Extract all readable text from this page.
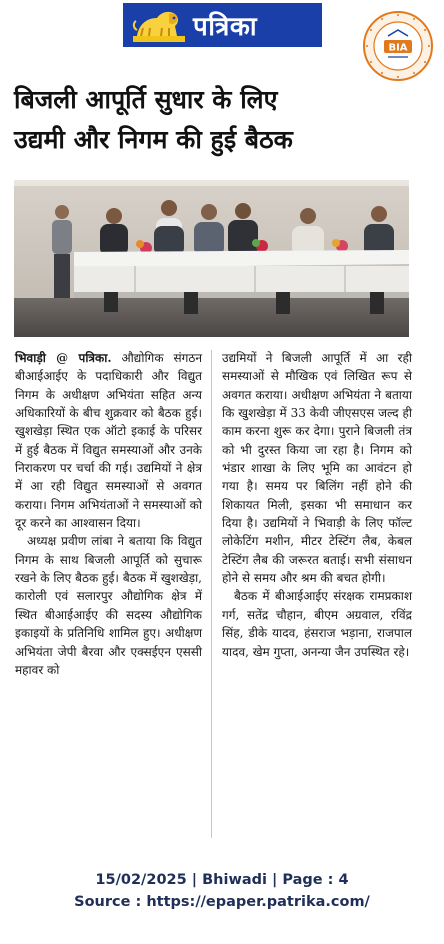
पत्रिका
BIA
बिजली आपूर्ति सुधार के लिए
उद्यमी और निगम की हुई बैठक

भिवाड़ी @ पत्रिका. औद्योगिक संगठन बीआईआईए के पदाधिकारी और विद्युत निगम के अधीक्षण अभियंता सहित अन्य अधिकारियों के बीच शुक्रवार को बैठक हुई। खुशखेड़ा स्थित एक ऑटो इकाई के परिसर में हुई बैठक में विद्युत समस्याओं और उनके निराकरण पर चर्चा की गई। उद्यमियों ने क्षेत्र में आ रही विद्युत समस्याओं से अवगत कराया। निगम अभियंताओं ने समस्याओं को दूर करने का आश्वासन दिया।

अध्यक्ष प्रवीण लांबा ने बताया कि विद्युत निगम के साथ बिजली आपूर्ति को सुचारू रखने के लिए बैठक हुई। बैठक में खुशखेड़ा, कारोली एवं सलारपुर औद्योगिक क्षेत्र में स्थित बीआईआईए की सदस्य औद्योगिक इकाइयों के प्रतिनिधि शामिल हुए। अधीक्षण अभियंता जेपी बैरवा और एक्सईएन एससी महावर को

उद्यमियों ने बिजली आपूर्ति में आ रही समस्याओं से मौखिक एवं लिखित रूप से अवगत कराया। अधीक्षण अभियंता ने बताया कि खुशखेड़ा में 33 केवी जीएसएस जल्द ही काम करना शुरू कर देगा। पुराने बिजली तंत्र को भी दुरस्त किया जा रहा है। निगम को भंडार शाखा के लिए भूमि का आवंटन हो गया है। समय पर बिलिंग नहीं होने की शिकायत मिली, इसका भी समाधान कर दिया है। उद्यमियों ने भिवाड़ी के लिए फॉल्ट लोकेटिंग मशीन, मीटर टेस्टिंग लैब, केबल टेस्टिंग लैब की जरूरत बताई। सभी संसाधन होने से समय और श्रम की बचत होगी।

बैठक में बीआईआईए संरक्षक रामप्रकाश गर्ग, सतेंद्र चौहान, बीएम अग्रवाल, रविंद्र सिंह, डीके यादव, हंसराज भड़ाना, राजपाल यादव, खेम गुप्ता, अनन्या जैन उपस्थित रहे।

15/02/2025 | Bhiwadi | Page : 4
Source : https://epaper.patrika.com/
